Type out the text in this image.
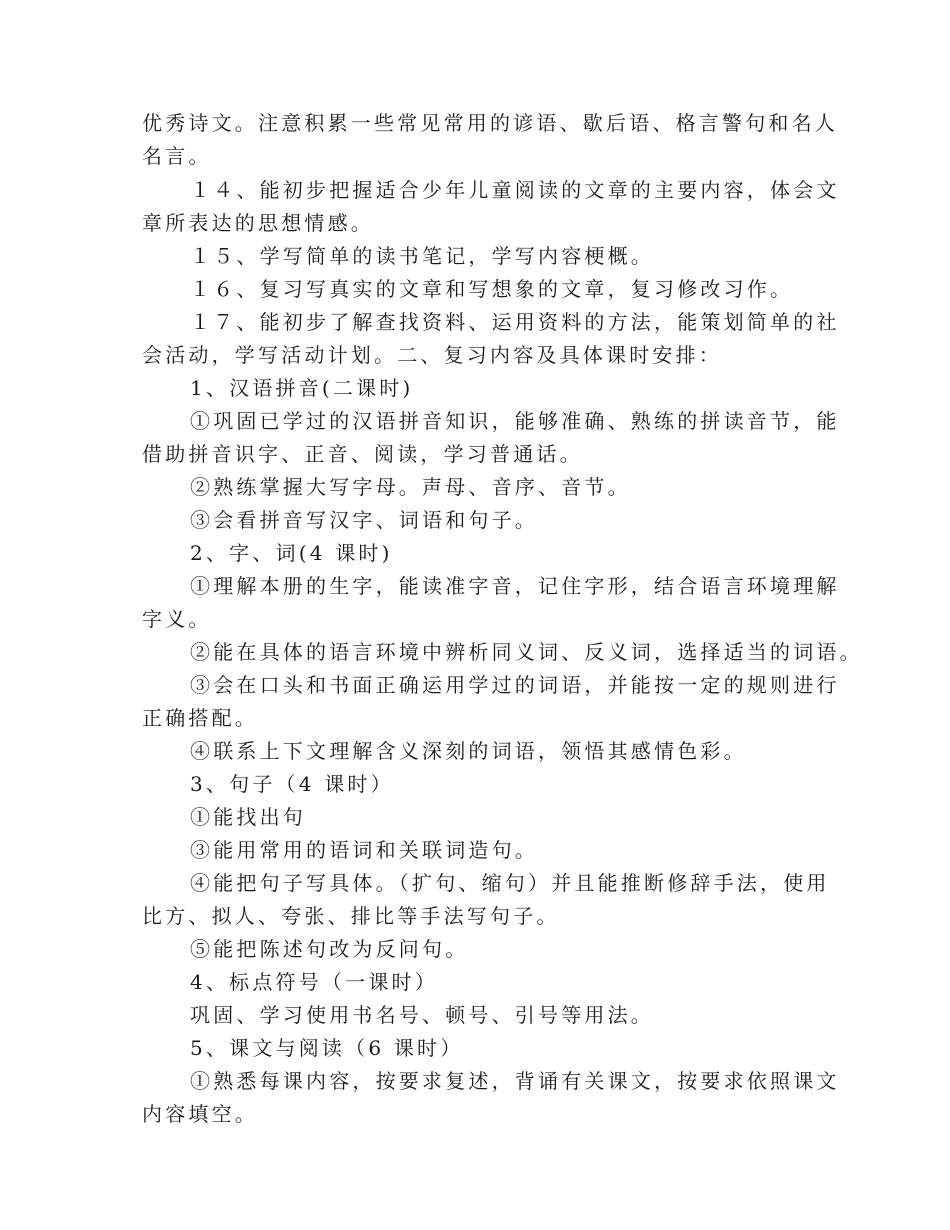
优秀诗文。注意积累一些常见常用的谚语、歇后语、格言警句和名人
名言。
１４、能初步把握适合少年儿童阅读的文章的主要内容，体会文
章所表达的思想情感。
１５、学写简单的读书笔记，学写内容梗概。
１６、复习写真实的文章和写想象的文章，复习修改习作。
１７、能初步了解查找资料、运用资料的方法，能策划简单的社
会活动，学写活动计划。二、复习内容及具体课时安排：
1、汉语拼音(二课时)
①巩固已学过的汉语拼音知识，能够准确、熟练的拼读音节，能
借助拼音识字、正音、阅读，学习普通话。
②熟练掌握大写字母。声母、音序、音节。
③会看拼音写汉字、词语和句子。
2、字、词(4 课时)
①理解本册的生字，能读准字音，记住字形，结合语言环境理解
字义。
②能在具体的语言环境中辨析同义词、反义词，选择适当的词语。
③会在口头和书面正确运用学过的词语，并能按一定的规则进行
正确搭配。
④联系上下文理解含义深刻的词语，领悟其感情色彩。
3、句子（4 课时）
①能找出句
③能用常用的语词和关联词造句。
④能把句子写具体。（扩句、缩句）并且能推断修辞手法，使用
比方、拟人、夸张、排比等手法写句子。
⑤能把陈述句改为反问句。
4、标点符号（一课时）
巩固、学习使用书名号、顿号、引号等用法。
5、课文与阅读（6 课时）
①熟悉每课内容，按要求复述，背诵有关课文，按要求依照课文
内容填空。
